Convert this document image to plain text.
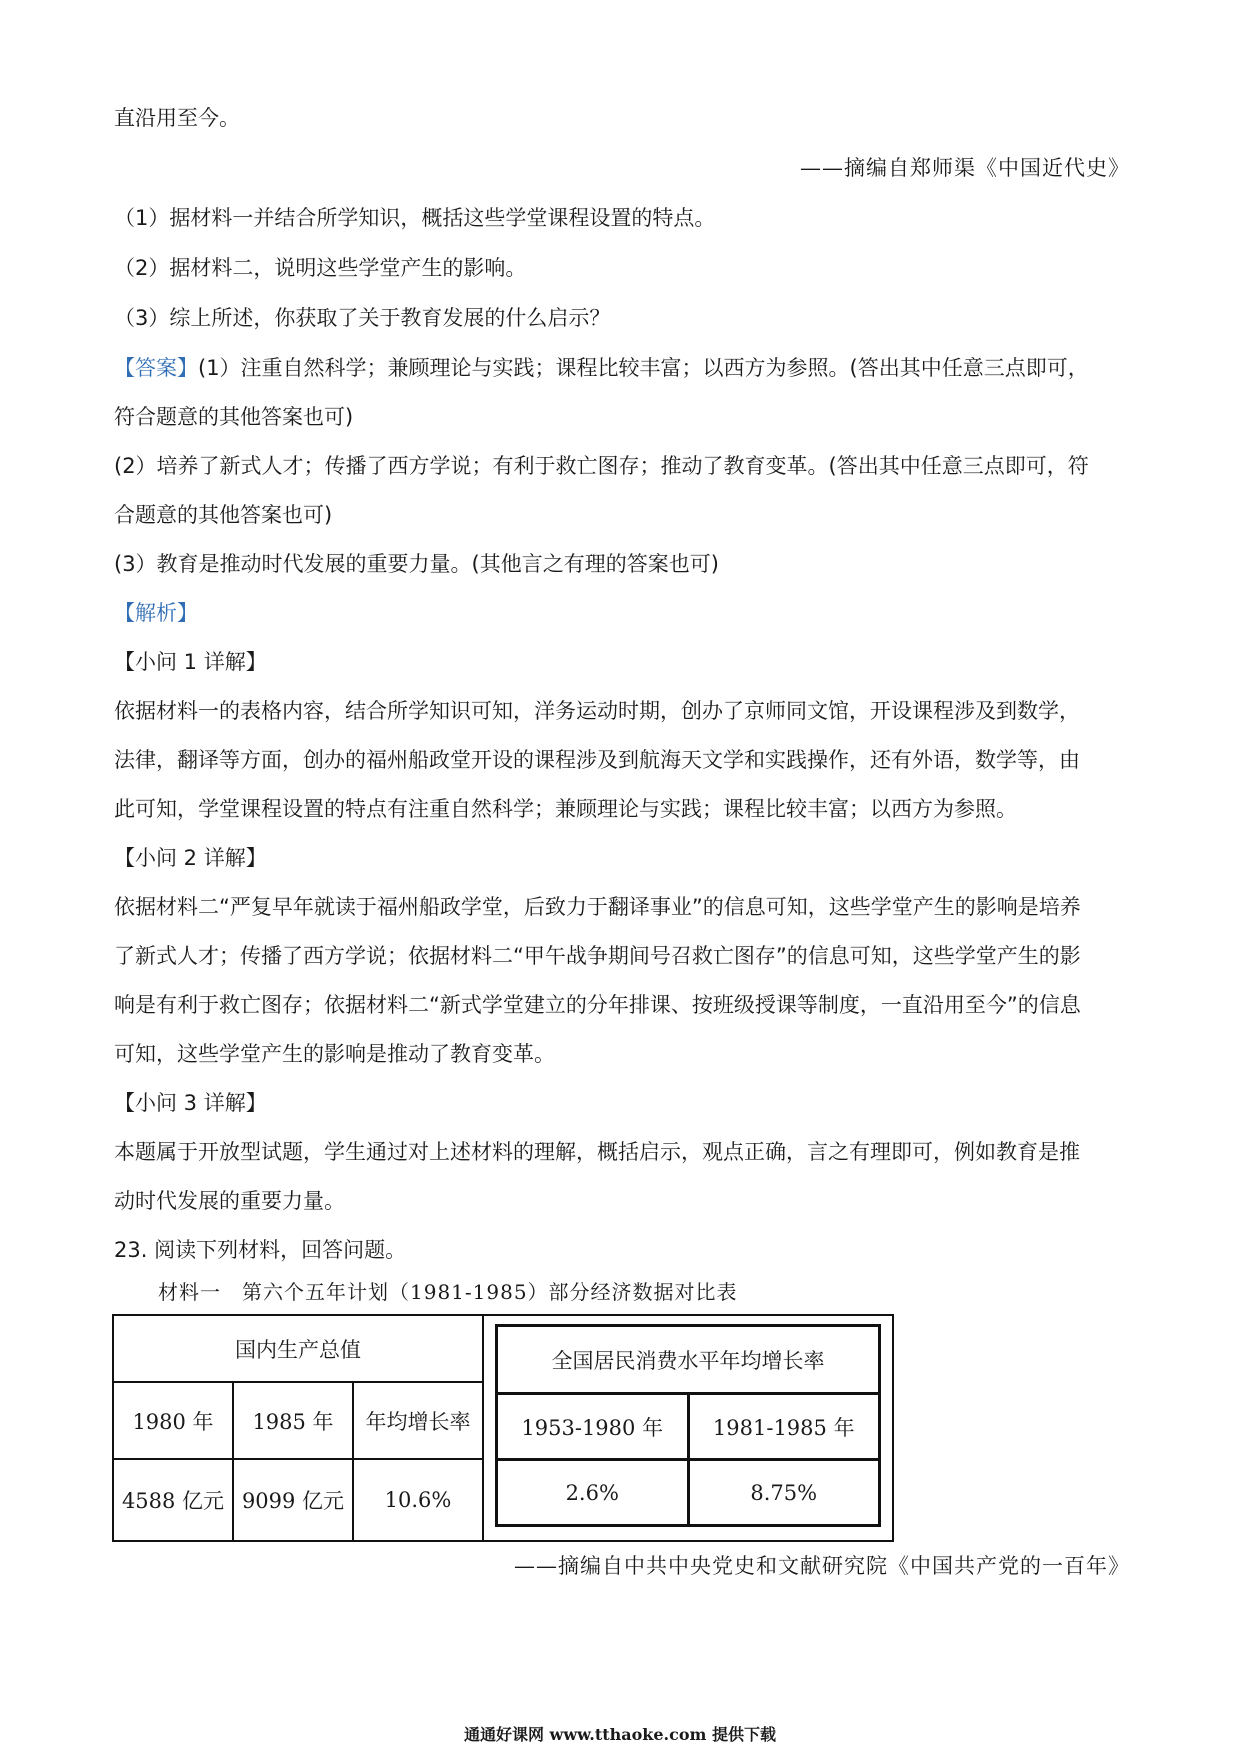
直沿用至今。
——摘编自郑师渠《中国近代史》
（1）据材料一并结合所学知识，概括这些学堂课程设置的特点。
（2）据材料二，说明这些学堂产生的影响。
（3）综上所述，你获取了关于教育发展的什么启示？
【答案】(1）注重自然科学；兼顾理论与实践；课程比较丰富；以西方为参照。(答出其中任意三点即可，
符合题意的其他答案也可)
(2）培养了新式人才；传播了西方学说；有利于救亡图存；推动了教育变革。(答出其中任意三点即可，符
合题意的其他答案也可)
(3）教育是推动时代发展的重要力量。(其他言之有理的答案也可)
【解析】
【小问 1 详解】
依据材料一的表格内容，结合所学知识可知，洋务运动时期，创办了京师同文馆，开设课程涉及到数学，
法律，翻译等方面，创办的福州船政堂开设的课程涉及到航海天文学和实践操作，还有外语，数学等，由
此可知，学堂课程设置的特点有注重自然科学；兼顾理论与实践；课程比较丰富；以西方为参照。
【小问 2 详解】
依据材料二“严复早年就读于福州船政学堂，后致力于翻译事业”的信息可知，这些学堂产生的影响是培养
了新式人才；传播了西方学说；依据材料二“甲午战争期间号召救亡图存”的信息可知，这些学堂产生的影
响是有利于救亡图存；依据材料二“新式学堂建立的分年排课、按班级授课等制度，一直沿用至今”的信息
可知，这些学堂产生的影响是推动了教育变革。
【小问 3 详解】
本题属于开放型试题，学生通过对上述材料的理解，概括启示，观点正确，言之有理即可，例如教育是推
动时代发展的重要力量。
23. 阅读下列材料，回答问题。
材料一　第六个五年计划（1981-1985）部分经济数据对比表
国内生产总值		
1980 年	1985 年	年均增长率
4588 亿元	9099 亿元	10.6%
全国居民消费水平年均增长率	
1953-1980 年	1981-1985 年
2.6%	8.75%
——摘编自中共中央党史和文献研究院《中国共产党的一百年》
通通好课网 www.tthaoke.com 提供下载
